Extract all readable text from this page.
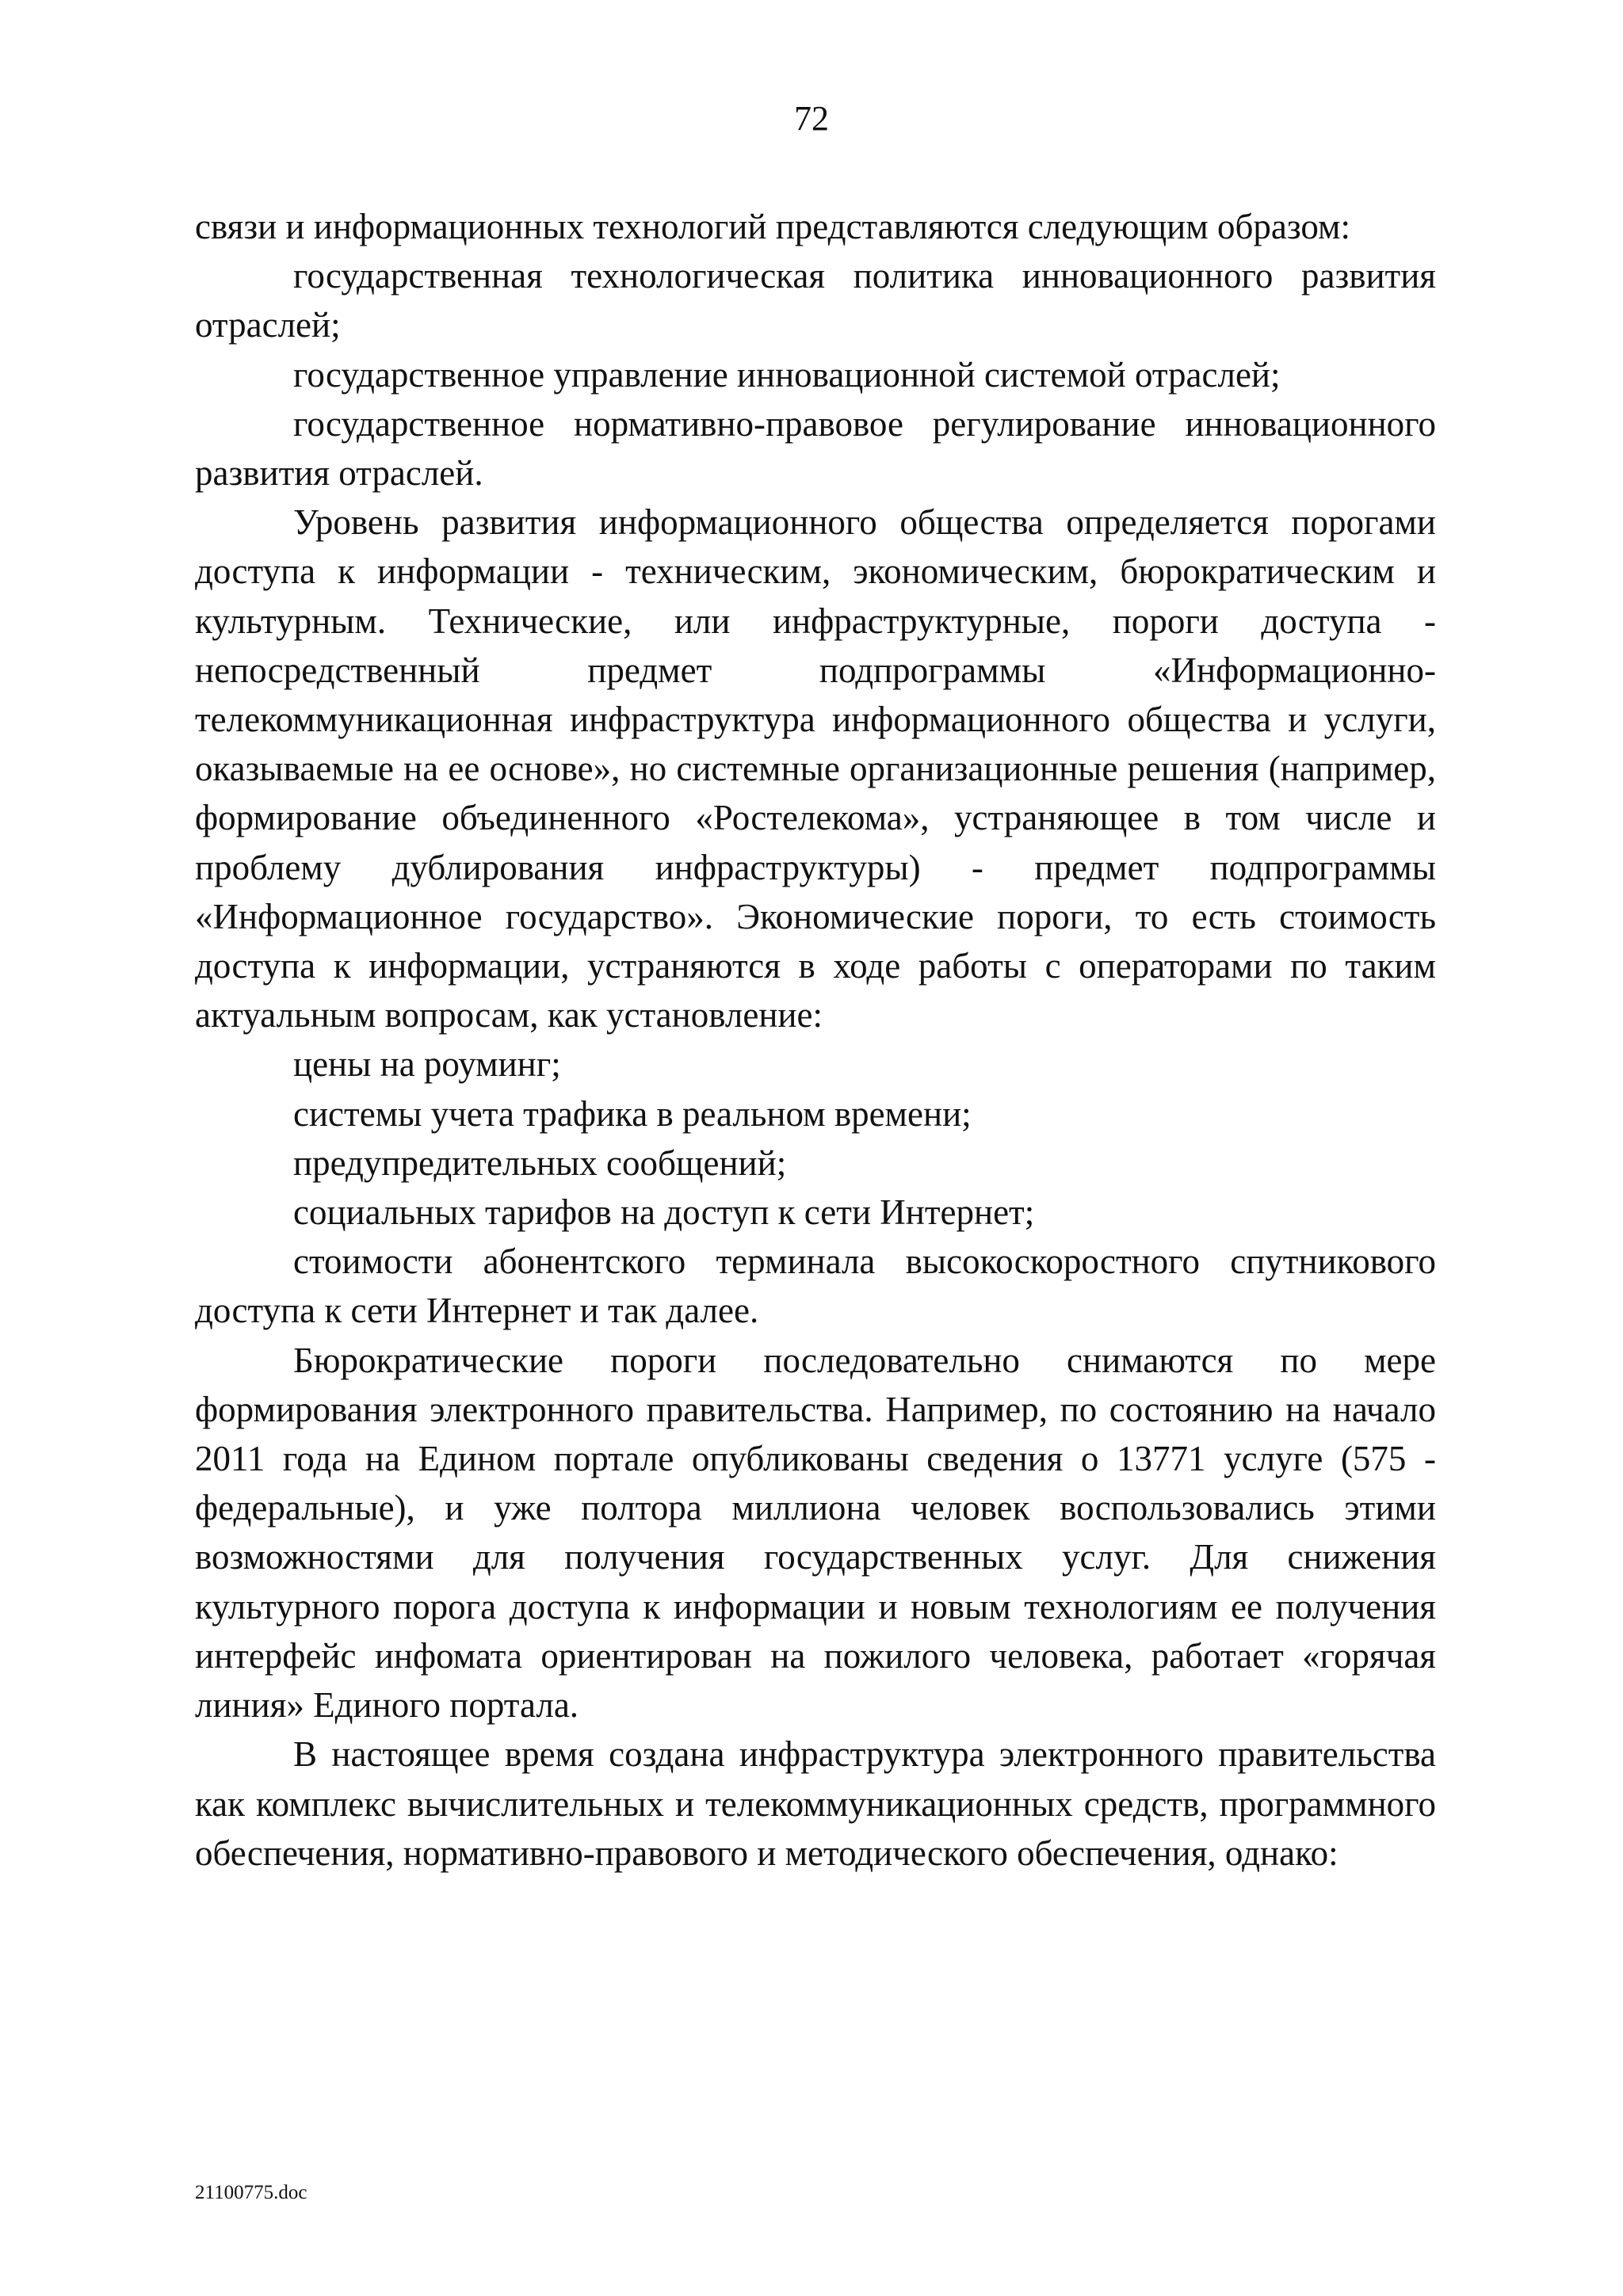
72

связи и информационных технологий представляются следующим образом:

государственная технологическая политика инновационного развития отраслей;

государственное управление инновационной системой отраслей;

государственное нормативно-правовое регулирование инновационного развития отраслей.

Уровень развития информационного общества определяется порогами доступа к информации - техническим, экономическим, бюрократическим и культурным. Технические, или инфраструктурные, пороги доступа - непосредственный предмет подпрограммы «Информационно-телекоммуникационная инфраструктура информационного общества и услуги, оказываемые на ее основе», но системные организационные решения (например, формирование объединенного «Ростелекома», устраняющее в том числе и проблему дублирования инфраструктуры) - предмет подпрограммы «Информационное государство». Экономические пороги, то есть стоимость доступа к информации, устраняются в ходе работы с операторами по таким актуальным вопросам, как установление:

цены на роуминг;

системы учета трафика в реальном времени;

предупредительных сообщений;

социальных тарифов на доступ к сети Интернет;

стоимости абонентского терминала высокоскоростного спутникового доступа к сети Интернет и так далее.

Бюрократические пороги последовательно снимаются по мере формирования электронного правительства. Например, по состоянию на начало 2011 года на Едином портале опубликованы сведения о 13771 услуге (575 - федеральные), и уже полтора миллиона человек воспользовались этими возможностями для получения государственных услуг. Для снижения культурного порога доступа к информации и новым технологиям ее получения интерфейс инфомата ориентирован на пожилого человека, работает «горячая линия» Единого портала.

В настоящее время создана инфраструктура электронного правительства как комплекс вычислительных и телекоммуникационных средств, программного обеспечения, нормативно-правового и методического обеспечения, однако:

21100775.doc
